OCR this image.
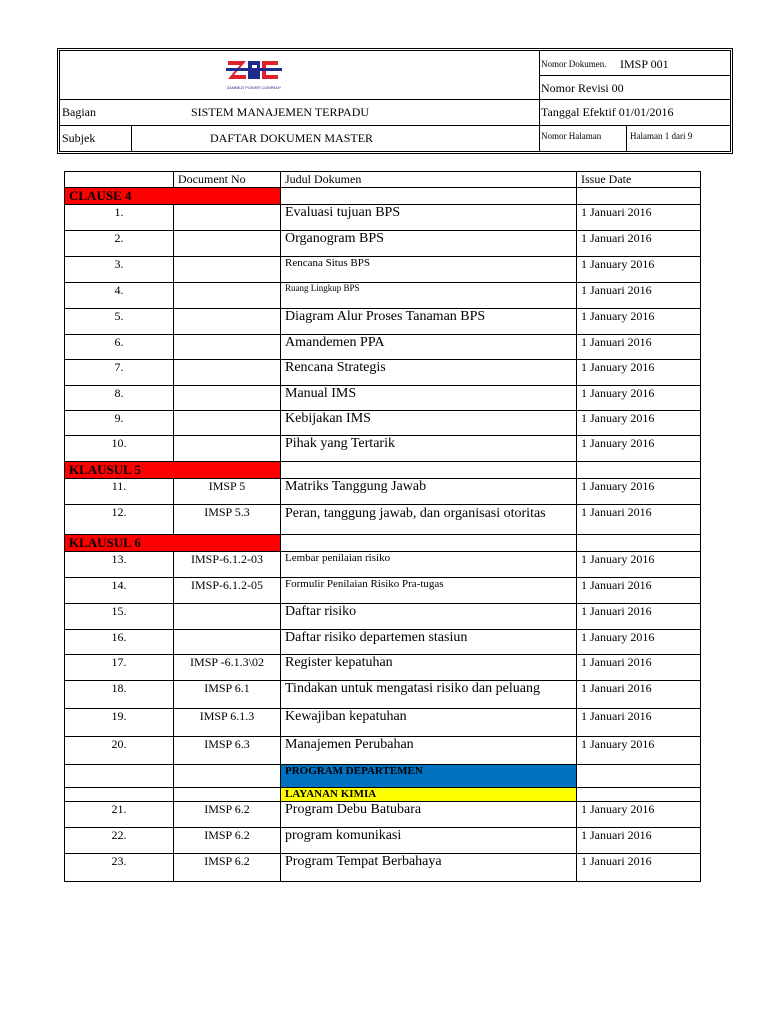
ZAMBEZI POWER COMPANY
Nomor Dokumen. IMSP 001
Nomor Revisi 00
Bagian	SISTEM MANAJEMEN TERPADU	Tanggal Efektif 01/01/2016
Subjek	DAFTAR DOKUMEN MASTER	Nomor Halaman	Halaman 1 dari 9
	Document No	Judul Dokumen	Issue Date
CLAUSE 4			
1.		Evaluasi tujuan BPS	1 Januari 2016
2.		Organogram BPS	1 Januari 2016
3.		Rencana Situs BPS	1 January 2016
4.		Ruang Lingkup BPS	1 Januari 2016
5.		Diagram Alur Proses Tanaman BPS	1 January 2016
6.		Amandemen PPA	1 Januari 2016
7.		Rencana Strategis	1 January 2016
8.		Manual IMS	1 January 2016
9.		Kebijakan IMS	1 January 2016
10.		Pihak yang Tertarik	1 January 2016
KLAUSUL 5			
11.	IMSP 5	Matriks Tanggung Jawab	1 January 2016
12.	IMSP 5.3	Peran, tanggung jawab, dan organisasi otoritas	1 Januari 2016
KLAUSUL 6			
13.	IMSP-6.1.2-03	Lembar penilaian risiko	1 January 2016
14.	IMSP-6.1.2-05	Formulir Penilaian Risiko Pra-tugas	1 Januari 2016
15.		Daftar risiko	1 Januari 2016
16.		Daftar risiko departemen stasiun	1 January 2016
17.	IMSP -6.1.3\02	Register kepatuhan	1 Januari 2016
18.	IMSP 6.1	Tindakan untuk mengatasi risiko dan peluang	1 Januari 2016
19.	IMSP 6.1.3	Kewajiban kepatuhan	1 Januari 2016
20.	IMSP 6.3	Manajemen Perubahan	1 January 2016
		PROGRAM DEPARTEMEN	
		LAYANAN KIMIA	
21.	IMSP 6.2	Program Debu Batubara	1 January 2016
22.	IMSP 6.2	program komunikasi	1 Januari 2016
23.	IMSP 6.2	Program Tempat Berbahaya	1 Januari 2016
